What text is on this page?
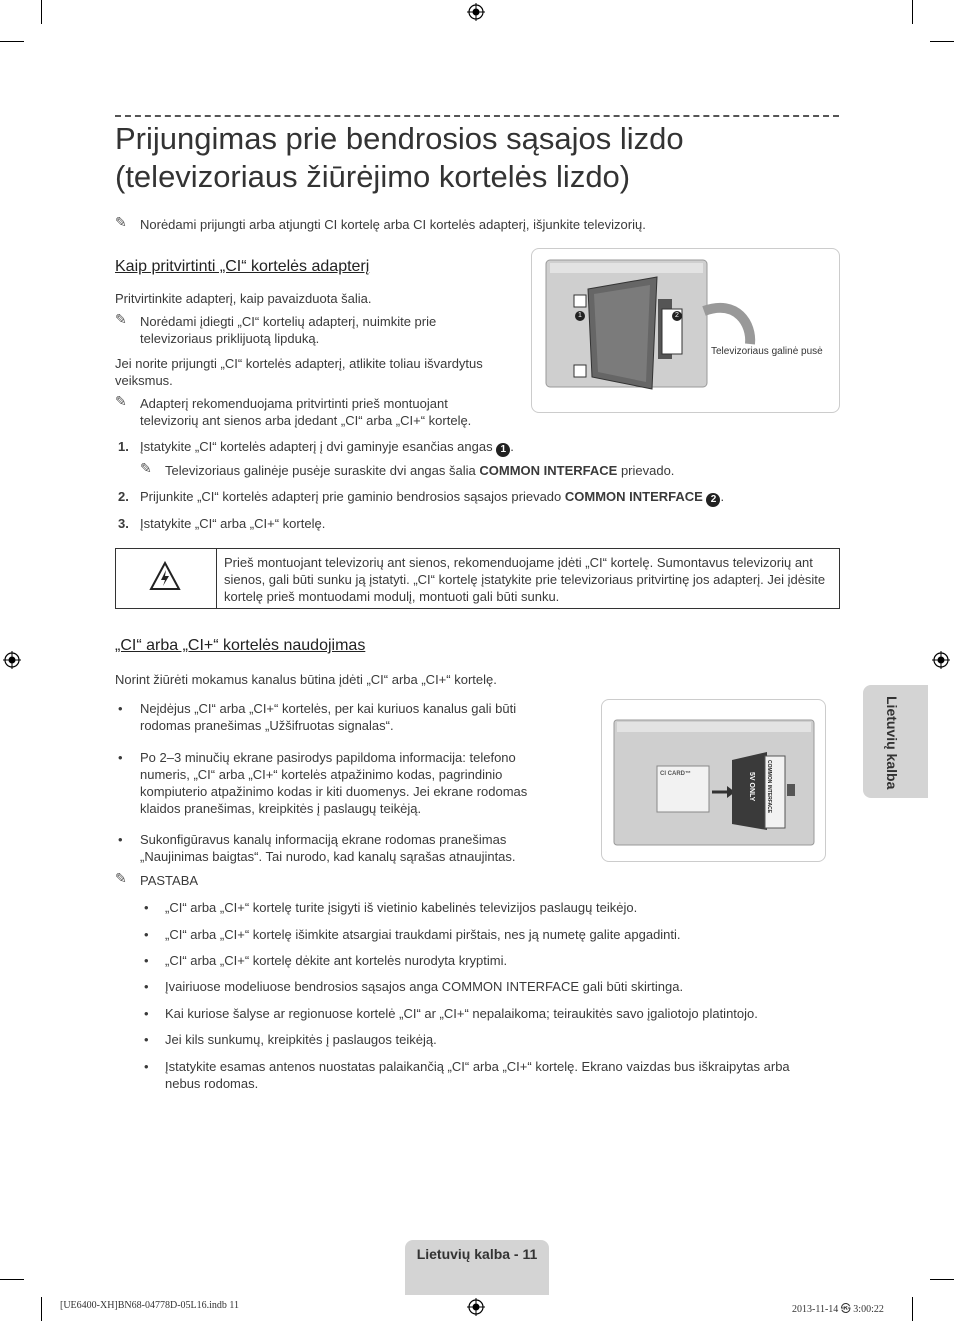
Prijungimas prie bendrosios sąsajos lizdo
(televizoriaus žiūrėjimo kortelės lizdo)
✎ Norėdami prijungti arba atjungti CI kortelę arba CI kortelės adapterį, išjunkite televizorių.
Kaip pritvirtinti „CI“ kortelės adapterį
Pritvirtinkite adapterį, kaip pavaizduota šalia.
✎ Norėdami įdiegti „CI“ kortelių adapterį, nuimkite prie
televizoriaus priklijuotą lipduką.
Jei norite prijungti „CI“ kortelės adapterį, atlikite toliau išvardytus
veiksmus.
✎ Adapterį rekomenduojama pritvirtinti prieš montuojant
televizorių ant sienos arba įdedant „CI“ arba „CI+“ kortelę.
1. Įstatykite „CI“ kortelės adapterį į dvi gaminyje esančias angas 1 .
✎ Televizoriaus galinėje pusėje suraskite dvi angas šalia COMMON INTERFACE prievado.
2. Prijunkite „CI“ kortelės adapterį prie gaminio bendrosios sąsajos prievado COMMON INTERFACE 2 .
3. Įstatykite „CI“ arba „CI+“ kortelę.
1	2
Televizoriaus galinė pusė
Prieš montuojant televizorių ant sienos, rekomenduojame įdėti „CI“ kortelę. Sumontavus televizorių ant sienos, gali būti sunku ją įstatyti. „CI“ kortelę įstatykite prie televizoriaus pritvirtinę jos adapterį. Jei įdėsite kortelę prieš montuodami modulį, montuoti gali būti sunku.
„CI“ arba „CI+“ kortelės naudojimas
Norint žiūrėti mokamus kanalus būtina įdėti „CI“ arba „CI+“ kortelę.
• Neįdėjus „CI“ arba „CI+“ kortelės, per kai kuriuos kanalus gali būti
rodomas pranešimas „Užšifruotas signalas“.
• Po 2–3 minučių ekrane pasirodys papildoma informacija: telefono
numeris, „CI“ arba „CI+“ kortelės atpažinimo kodas, pagrindinio
kompiuterio atpažinimo kodas ir kiti duomenys. Jei ekrane rodomas
klaidos pranešimas, kreipkitės į paslaugų teikėją.
• Sukonfigūravus kanalų informaciją ekrane rodomas pranešimas
„Naujinimas baigtas“. Tai nurodo, kad kanalų sąrašas atnaujintas.
CI CARD™	COMMON INTERFACE
5V ONLY
✎ PASTABA
• „CI“ arba „CI+“ kortelę turite įsigyti iš vietinio kabelinės televizijos paslaugų teikėjo.
• „CI“ arba „CI+“ kortelę išimkite atsargiai traukdami pirštais, nes ją numetę galite apgadinti.
• „CI“ arba „CI+“ kortelę dėkite ant kortelės nurodyta kryptimi.
• Įvairiuose modeliuose bendrosios sąsajos anga COMMON INTERFACE gali būti skirtinga.
• Kai kuriose šalyse ar regionuose kortelė „CI“ ar „CI+“ nepalaikoma; teiraukitės savo įgaliotojo platintojo.
• Jei kils sunkumų, kreipkitės į paslaugos teikėją.
• Įstatykite esamas antenos nuostatas palaikančią „CI“ arba „CI+“ kortelę. Ekrano vaizdas bus iškraipytas arba
nebus rodomas.
Lietuvių kalba
Lietuvių kalba - 11
[UE6400-XH]BN68-04778D-05L16.indb 11	2013-11-14 ㉿ 3:00:22
